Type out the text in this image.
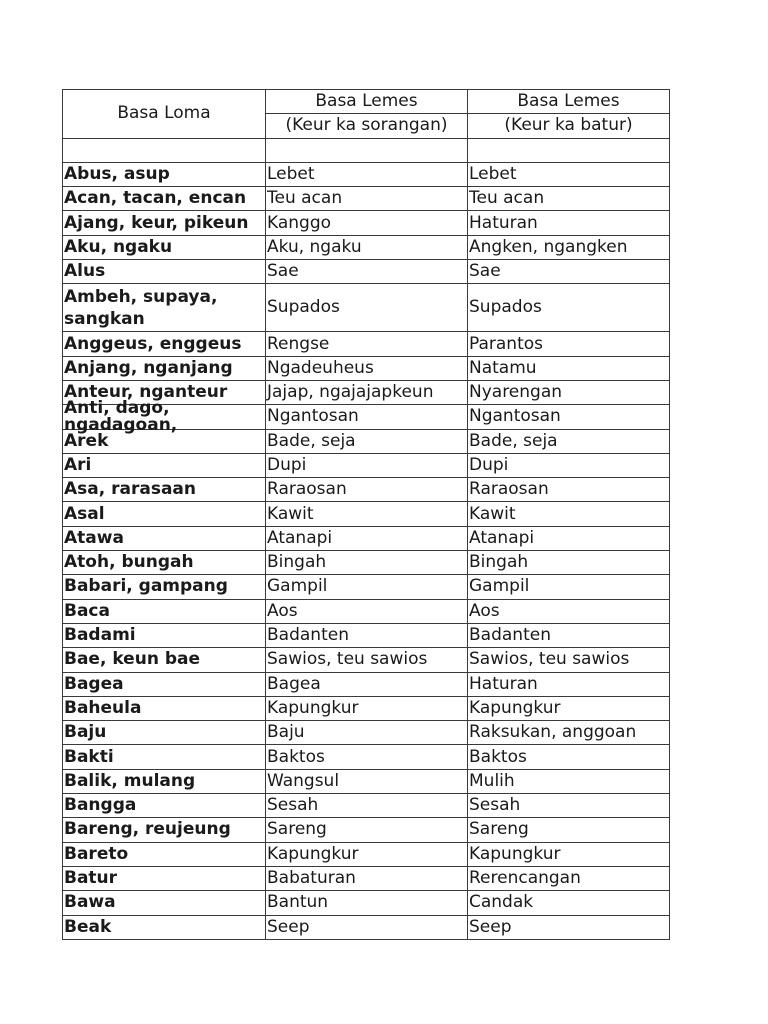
Basa Loma	Basa Lemes	Basa Lemes
	(Keur ka sorangan)	(Keur ka batur)

Abus, asup	Lebet	Lebet
Acan, tacan, encan	Teu acan	Teu acan
Ajang, keur, pikeun	Kanggo	Haturan
Aku, ngaku	Aku, ngaku	Angken, ngangken
Alus	Sae	Sae
Ambeh, supaya, sangkan	Supados	Supados
Anggeus, enggeus	Rengse	Parantos
Anjang, nganjang	Ngadeuheus	Natamu
Anteur, nganteur	Jajap, ngajajapkeun	Nyarengan

Anti, dago, ngadagoan,	Ngantosan	Ngantosan
Arek	Bade, seja	Bade, seja
Ari	Dupi	Dupi
Asa, rarasaan	Raraosan	Raraosan
Asal	Kawit	Kawit
Atawa	Atanapi	Atanapi
Atoh, bungah	Bingah	Bingah
Babari, gampang	Gampil	Gampil
Baca	Aos	Aos
Badami	Badanten	Badanten
Bae, keun bae	Sawios, teu sawios	Sawios, teu sawios
Bagea	Bagea	Haturan
Baheula	Kapungkur	Kapungkur
Baju	Baju	Raksukan, anggoan
Bakti	Baktos	Baktos
Balik, mulang	Wangsul	Mulih
Bangga	Sesah	Sesah
Bareng, reujeung	Sareng	Sareng
Bareto	Kapungkur	Kapungkur
Batur	Babaturan	Rerencangan
Bawa	Bantun	Candak
Beak	Seep	Seep
